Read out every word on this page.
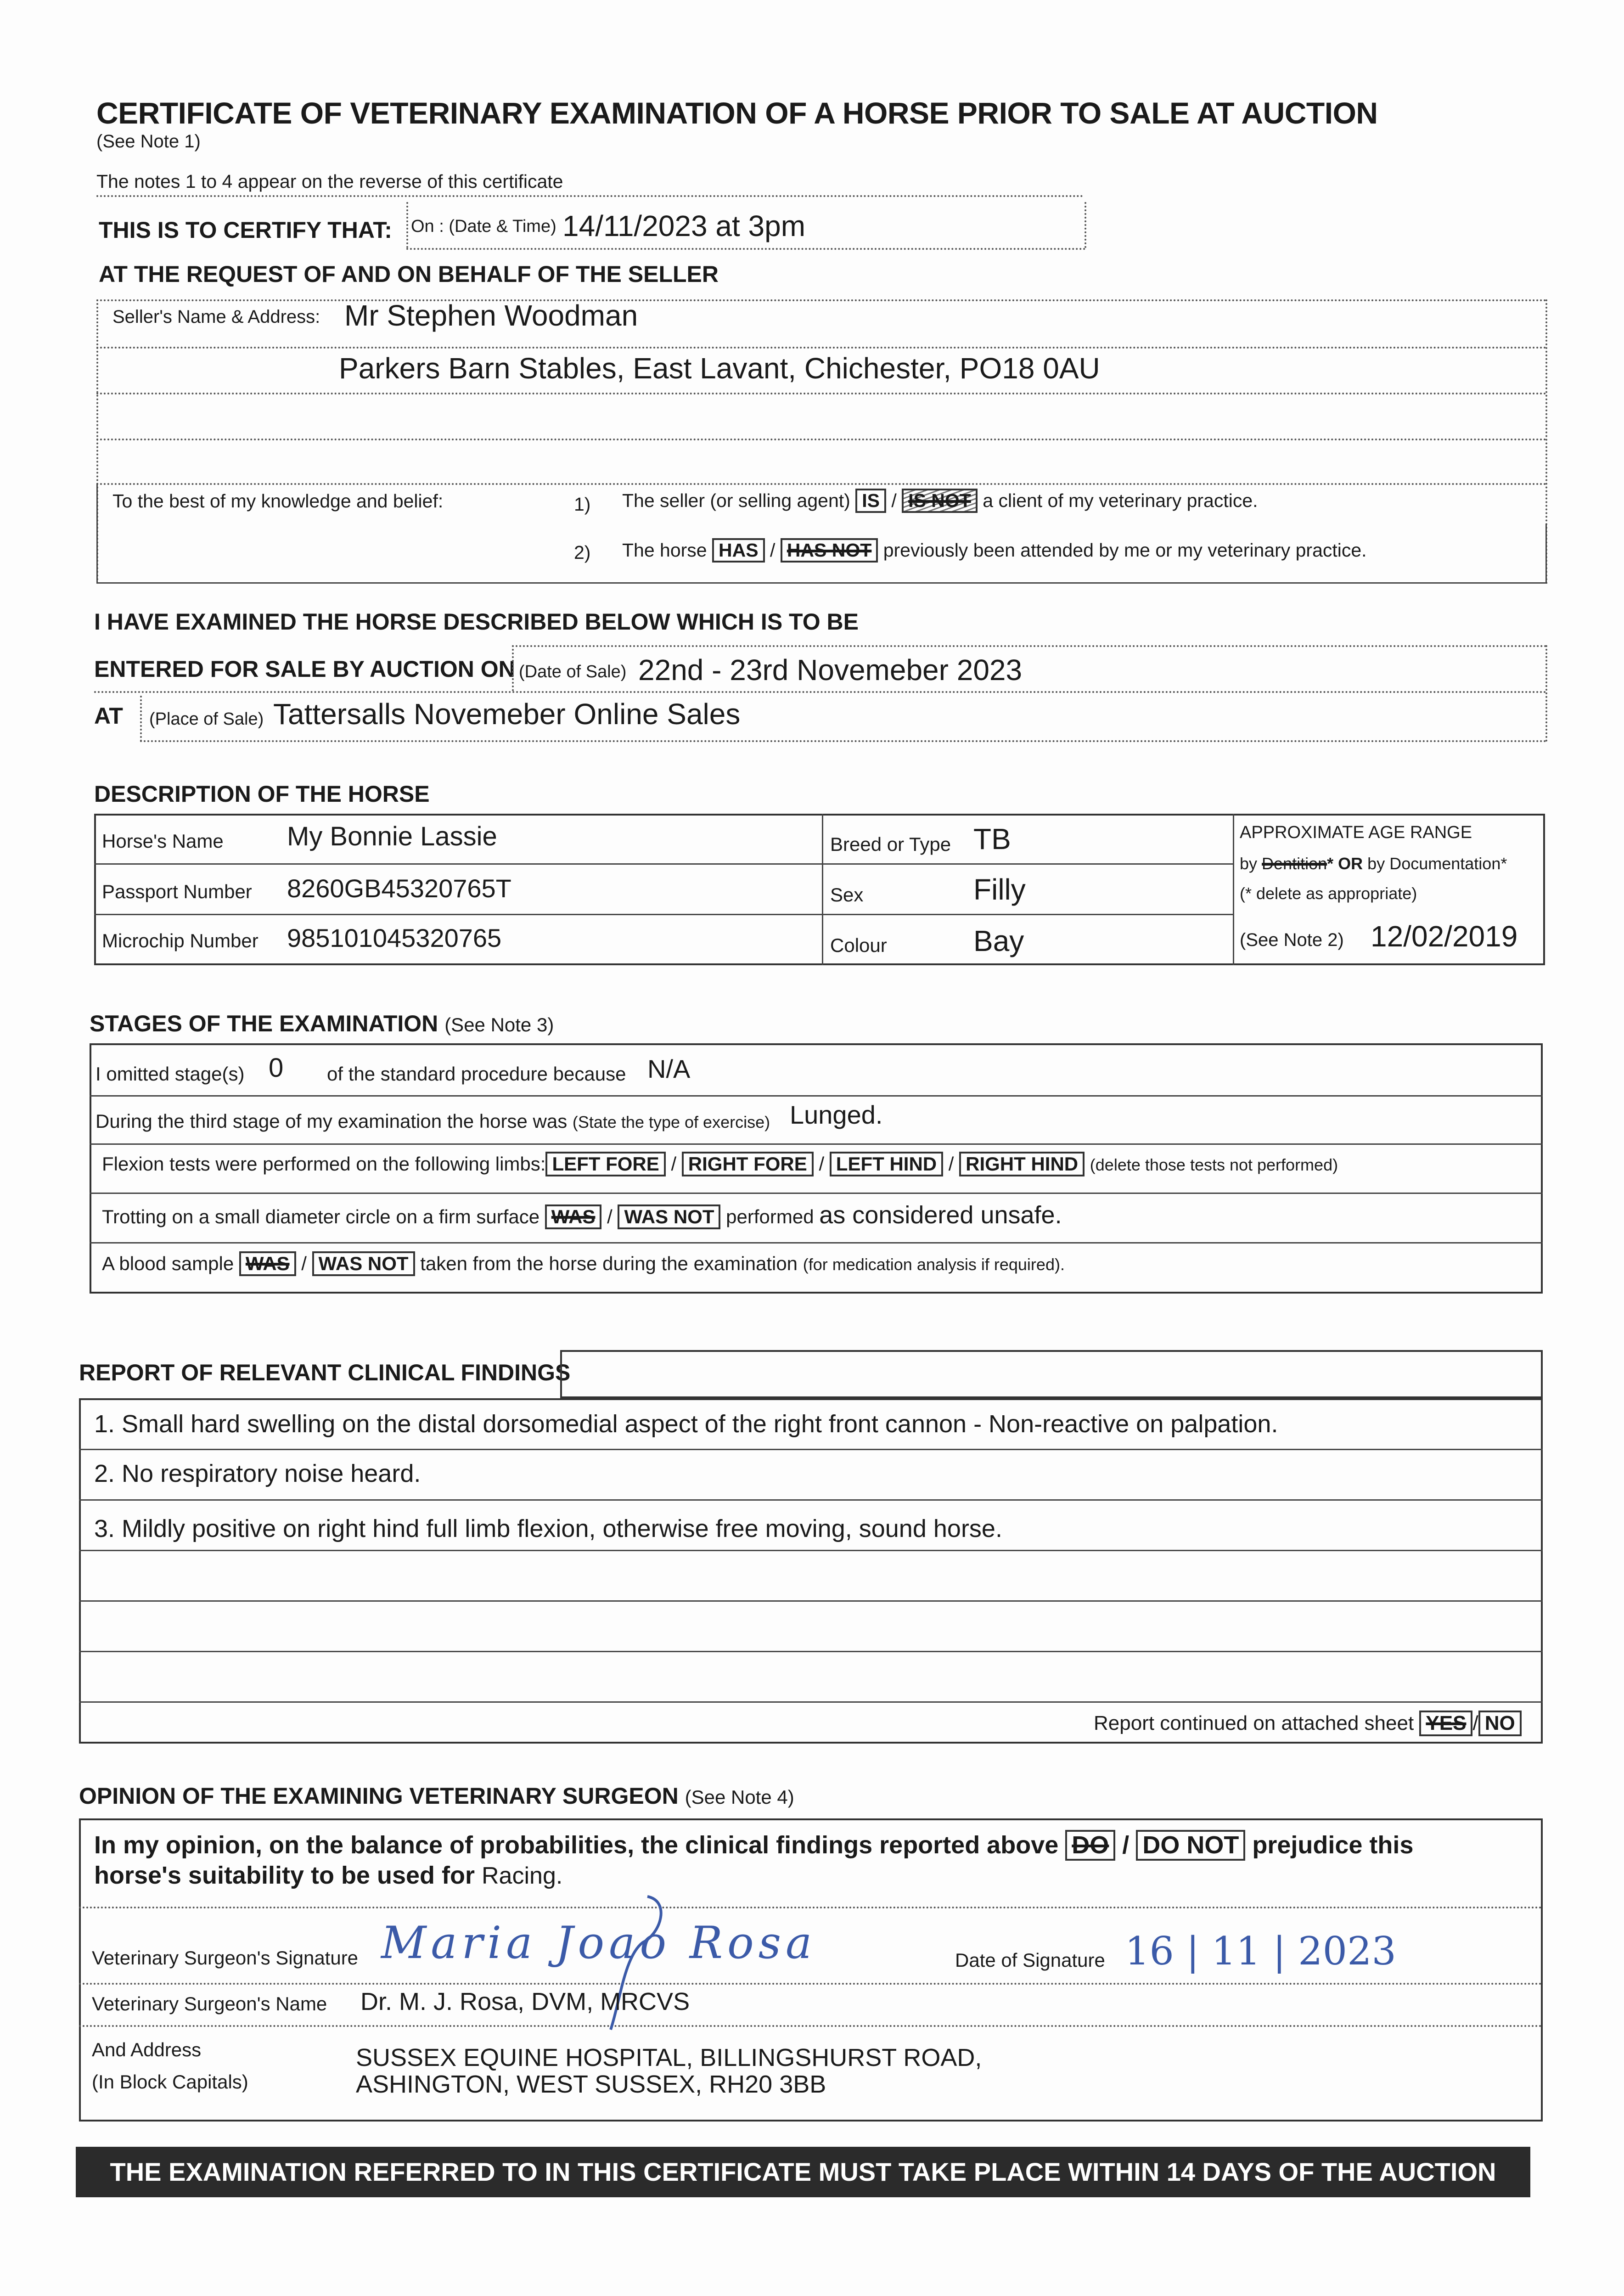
CERTIFICATE OF VETERINARY EXAMINATION OF A HORSE PRIOR TO SALE AT AUCTION
(See Note 1)
The notes 1 to 4 appear on the reverse of this certificate
THIS IS TO CERTIFY THAT: On : (Date & Time) 14/11/2023 at 3pm
AT THE REQUEST OF AND ON BEHALF OF THE SELLER
Seller's Name & Address: Mr Stephen Woodman
Parkers Barn Stables, East Lavant, Chichester, PO18 0AU
To the best of my knowledge and belief:	1) The seller (or selling agent) IS / IS NOT a client of my veterinary practice.
2) The horse HAS / HAS NOT previously been attended by me or my veterinary practice.
I HAVE EXAMINED THE HORSE DESCRIBED BELOW WHICH IS TO BE
ENTERED FOR SALE BY AUCTION ON (Date of Sale) 22nd - 23rd Novemeber 2023
AT (Place of Sale) Tattersalls Novemeber Online Sales
DESCRIPTION OF THE HORSE
Horse's Name My Bonnie Lassie
Passport Number 8260GB45320765T
Microchip Number 985101045320765
Breed or Type TB
Sex	Filly
Colour	Bay
APPROXIMATE AGE RANGE
by Dentition* OR by Documentation*
(* delete as appropriate)
(See Note 2) 12/02/2019
STAGES OF THE EXAMINATION (See Note 3)
I omitted stage(s) 0 of the standard procedure because N/A
During the third stage of my examination the horse was (State the type of exercise) Lunged.
Flexion tests were performed on the following limbs: LEFT FORE / RIGHT FORE / LEFT HIND / RIGHT HIND (delete those tests not performed)
Trotting on a small diameter circle on a firm surface WAS / WAS NOT performed as considered unsafe.
A blood sample WAS / WAS NOT taken from the horse during the examination (for medication analysis if required).
REPORT OF RELEVANT CLINICAL FINDINGS
1. Small hard swelling on the distal dorsomedial aspect of the right front cannon - Non-reactive on palpation.
2. No respiratory noise heard.
3. Mildly positive on right hind full limb flexion, otherwise free moving, sound horse.
Report continued on attached sheet YES / NO
OPINION OF THE EXAMINING VETERINARY SURGEON (See Note 4)
In my opinion, on the balance of probabilities, the clinical findings reported above DO / DO NOT prejudice this
horse's suitability to be used for Racing.
Veterinary Surgeon's Signature Maria Joao Rosa	Date of Signature 16 | 11 | 2023
Veterinary Surgeon's Name Dr. M. J. Rosa, DVM, MRCVS
And Address
(In Block Capitals)
SUSSEX EQUINE HOSPITAL, BILLINGSHURST ROAD,
ASHINGTON, WEST SUSSEX, RH20 3BB
THE EXAMINATION REFERRED TO IN THIS CERTIFICATE MUST TAKE PLACE WITHIN 14 DAYS OF THE AUCTION
